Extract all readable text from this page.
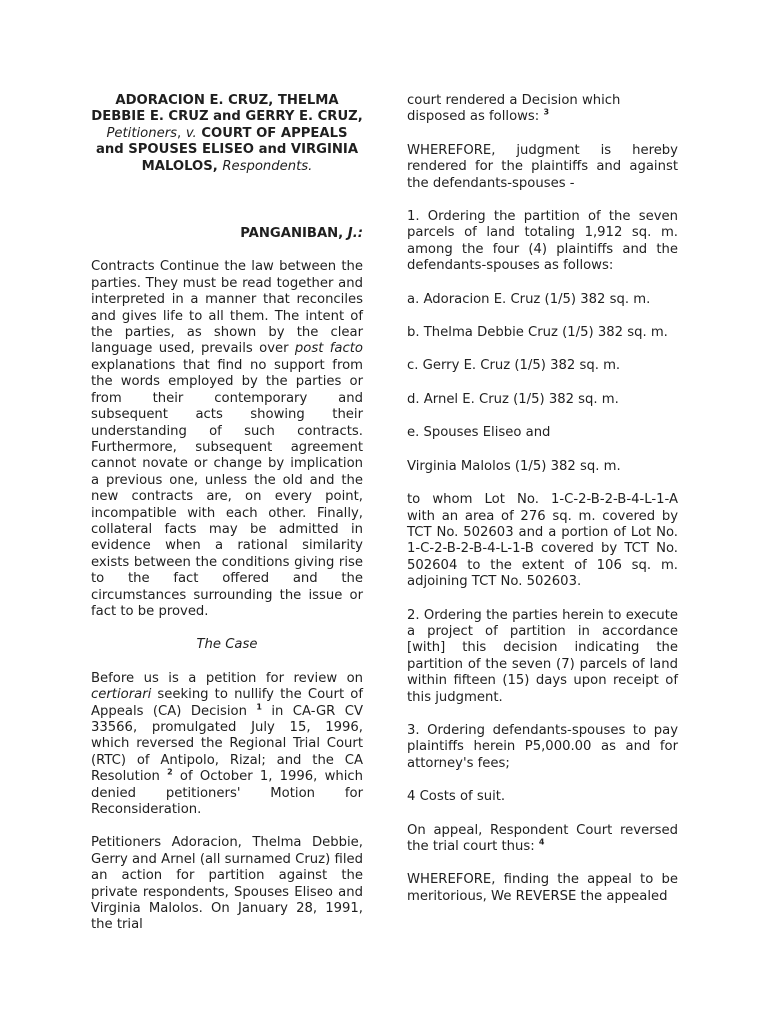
ADORACION E. CRUZ, THELMA DEBBIE E. CRUZ and GERRY E. CRUZ, Petitioners, v. COURT OF APPEALS and SPOUSES ELISEO and VIRGINIA MALOLOS, Respondents.

PANGANIBAN, J.:

Contracts Continue the law between the parties. They must be read together and interpreted in a manner that reconciles and gives life to all them. The intent of the parties, as shown by the clear language used, prevails over post facto explanations that find no support from the words employed by the parties or from their contemporary and subsequent acts showing their understanding of such contracts. Furthermore, subsequent agreement cannot novate or change by implication a previous one, unless the old and the new contracts are, on every point, incompatible with each other. Finally, collateral facts may be admitted in evidence when a rational similarity exists between the conditions giving rise to the fact offered and the circumstances surrounding the issue or fact to be proved.

The Case

Before us is a petition for review on certiorari seeking to nullify the Court of Appeals (CA) Decision $^1$ in CA-GR CV 33566, promulgated July 15, 1996, which reversed the Regional Trial Court (RTC) of Antipolo, Rizal; and the CA Resolution $^2$ of October 1, 1996, which denied petitioners' Motion for Reconsideration.

Petitioners Adoracion, Thelma Debbie, Gerry and Arnel (all surnamed Cruz) filed an action for partition against the private respondents, Spouses Eliseo and Virginia Malolos. On January 28, 1991, the trial

court rendered a Decision which disposed as follows: $^3$

WHEREFORE, judgment is hereby rendered for the plaintiffs and against the defendants-spouses -

1. Ordering the partition of the seven parcels of land totaling 1,912 sq. m. among the four (4) plaintiffs and the defendants-spouses as follows:

a. Adoracion E. Cruz (1/5) 382 sq. m.

b. Thelma Debbie Cruz (1/5) 382 sq. m.

c. Gerry E. Cruz (1/5) 382 sq. m.

d. Arnel E. Cruz (1/5) 382 sq. m.

e. Spouses Eliseo and

Virginia Malolos (1/5) 382 sq. m.

to whom Lot No. 1-C-2-B-2-B-4-L-1-A with an area of 276 sq. m. covered by TCT No. 502603 and a portion of Lot No. 1-C-2-B-2-B-4-L-1-B covered by TCT No. 502604 to the extent of 106 sq. m. adjoining TCT No. 502603.

2. Ordering the parties herein to execute a project of partition in accordance [with] this decision indicating the partition of the seven (7) parcels of land within fifteen (15) days upon receipt of this judgment.

3. Ordering defendants-spouses to pay plaintiffs herein P5,000.00 as and for attorney's fees;

4 Costs of suit.

On appeal, Respondent Court reversed the trial court thus: $^4$

WHEREFORE, finding the appeal to be meritorious, We REVERSE the appealed
